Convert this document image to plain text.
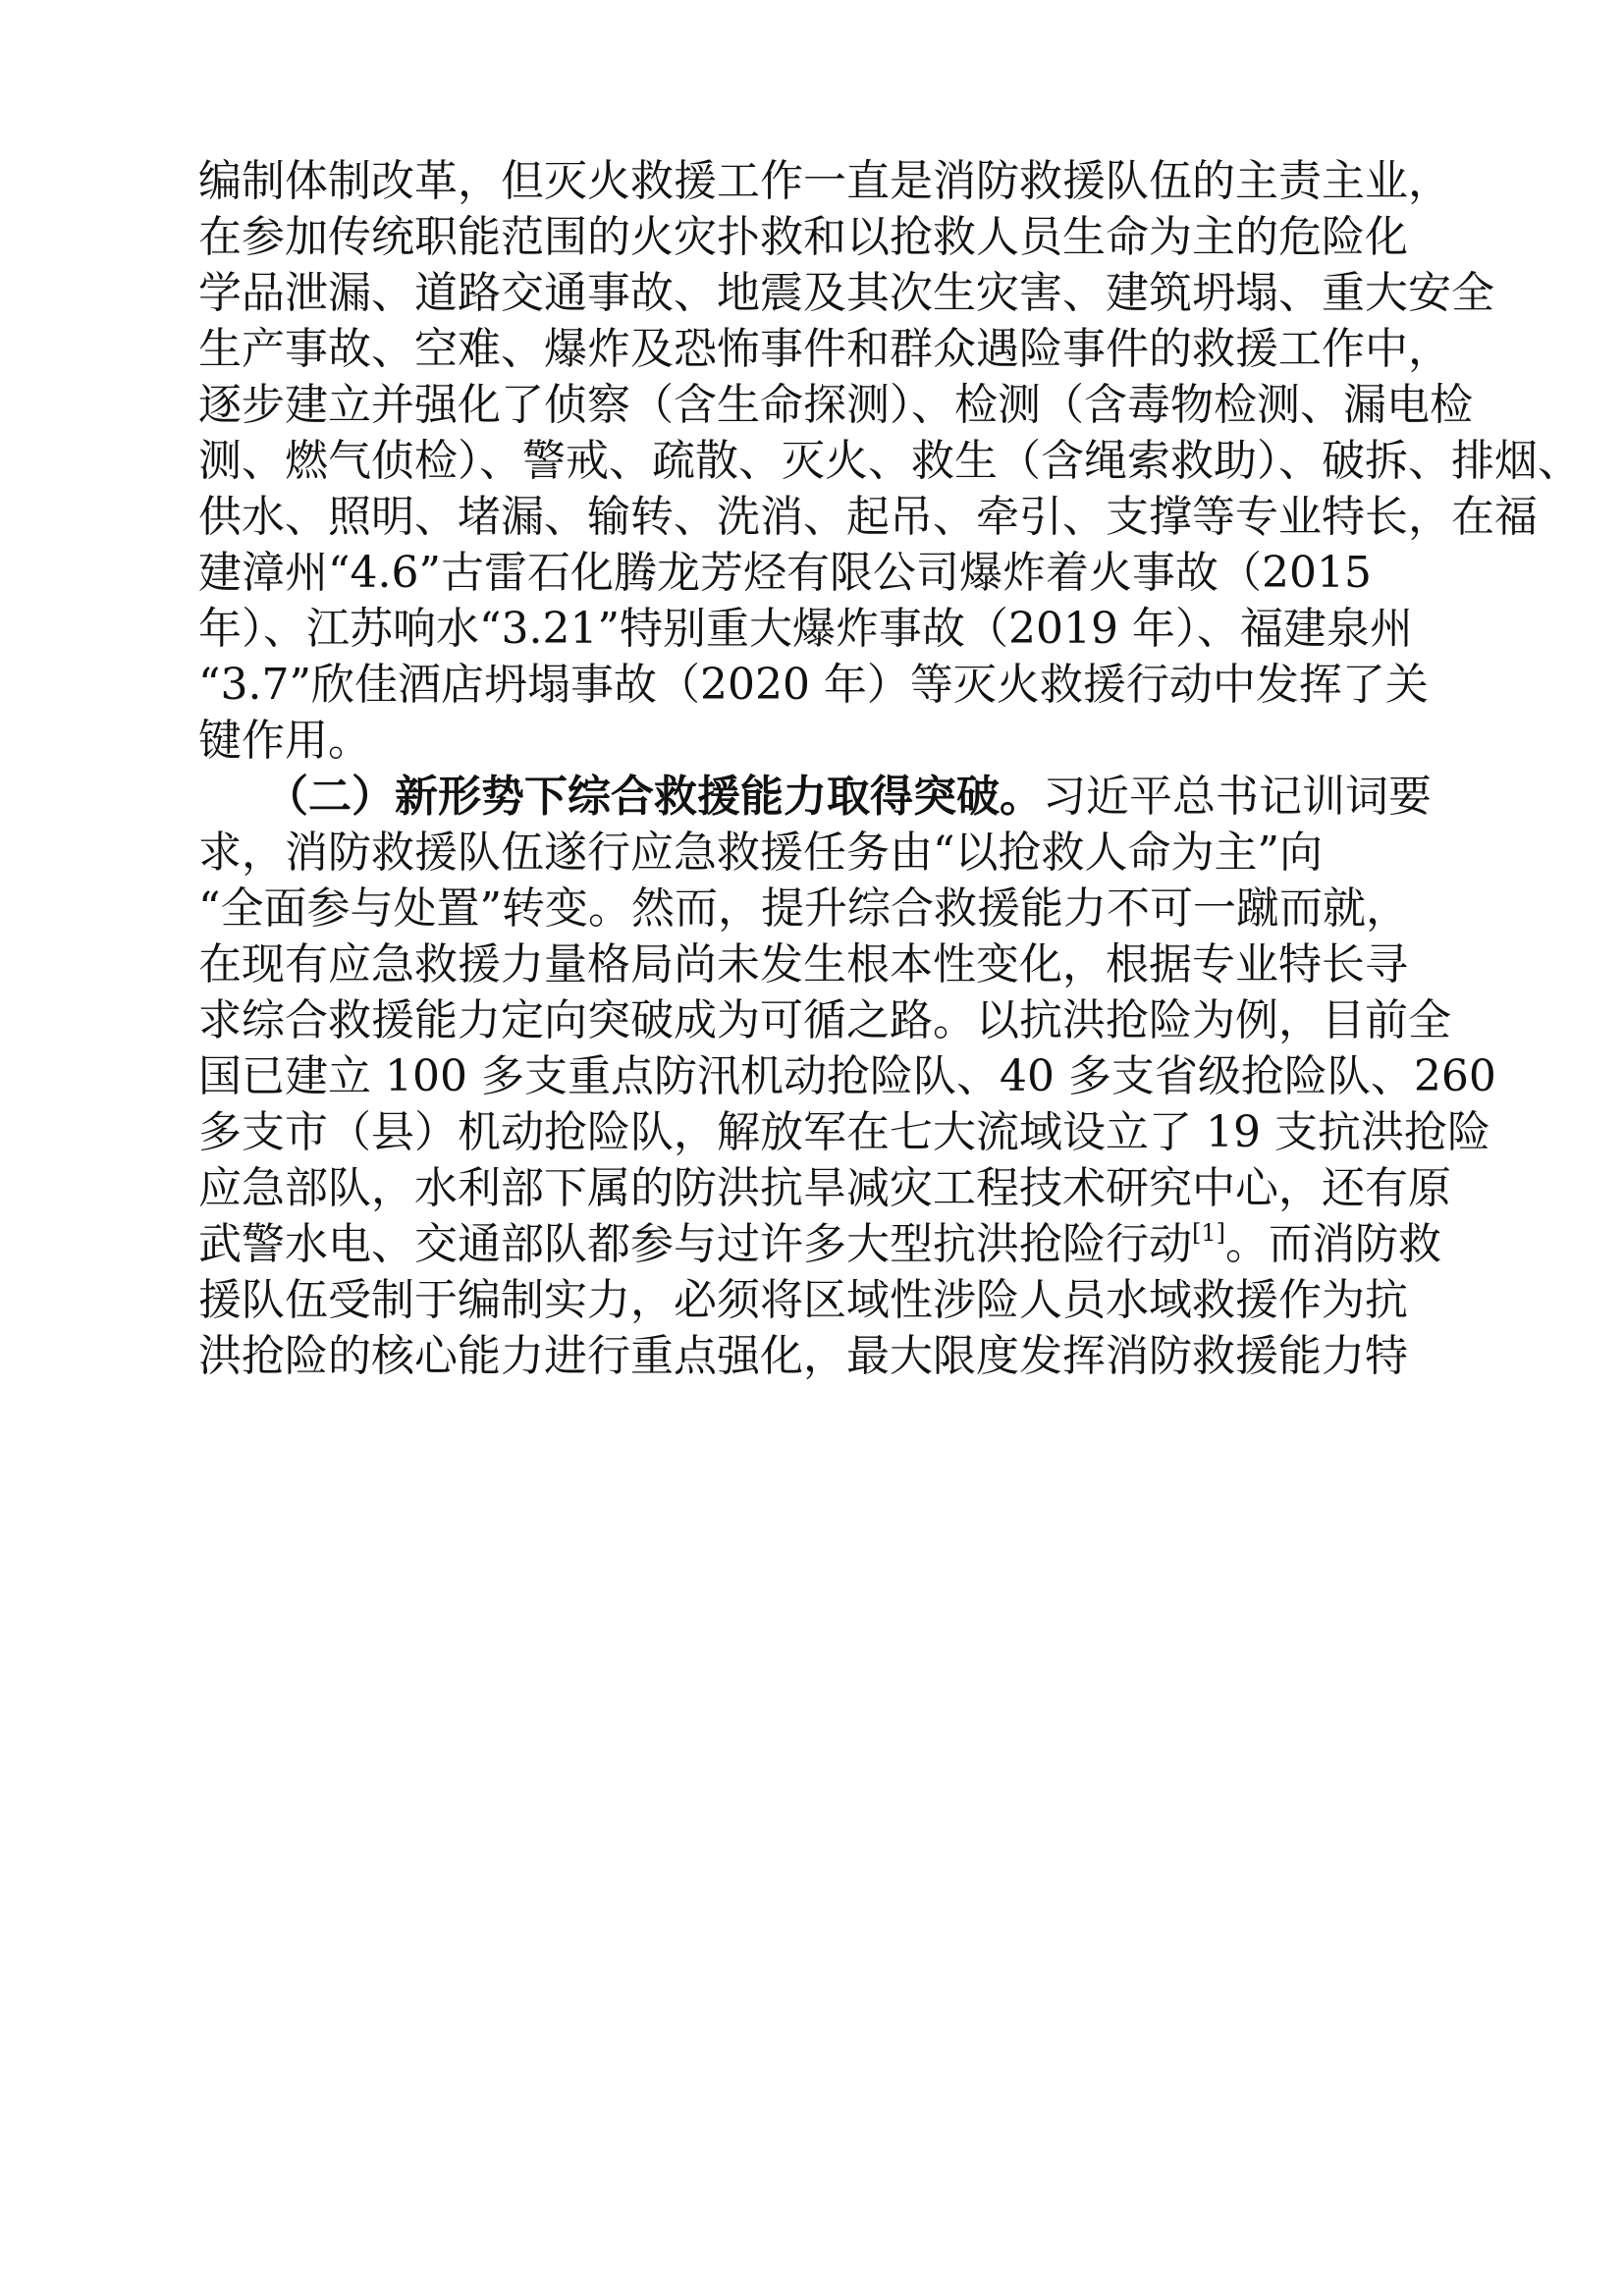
编制体制改革，但灭火救援工作一直是消防救援队伍的主责主业，
在参加传统职能范围的火灾扑救和以抢救人员生命为主的危险化
学品泄漏、道路交通事故、地震及其次生灾害、建筑坍塌、重大安全
生产事故、空难、爆炸及恐怖事件和群众遇险事件的救援工作中，
逐步建立并强化了侦察（含生命探测）、检测（含毒物检测、漏电检
测、燃气侦检）、警戒、疏散、灭火、救生（含绳索救助）、破拆、排烟、
供水、照明、堵漏、输转、洗消、起吊、牵引、支撑等专业特长，在福
建漳州“4.6”古雷石化腾龙芳烃有限公司爆炸着火事故（2015
年）、江苏响水“3.21”特别重大爆炸事故（2019 年）、福建泉州
“3.7”欣佳酒店坍塌事故（2020 年）等灭火救援行动中发挥了关
键作用。
（二）新形势下综合救援能力取得突破。习近平总书记训词要
求，消防救援队伍遂行应急救援任务由“以抢救人命为主”向
“全面参与处置”转变。然而，提升综合救援能力不可一蹴而就，
在现有应急救援力量格局尚未发生根本性变化，根据专业特长寻
求综合救援能力定向突破成为可循之路。以抗洪抢险为例，目前全
国已建立 100 多支重点防汛机动抢险队、40 多支省级抢险队、260
多支市（县）机动抢险队，解放军在七大流域设立了 19 支抗洪抢险
应急部队，水利部下属的防洪抗旱减灾工程技术研究中心，还有原
武警水电、交通部队都参与过许多大型抗洪抢险行动[1]。而消防救
援队伍受制于编制实力，必须将区域性涉险人员水域救援作为抗
洪抢险的核心能力进行重点强化，最大限度发挥消防救援能力特
